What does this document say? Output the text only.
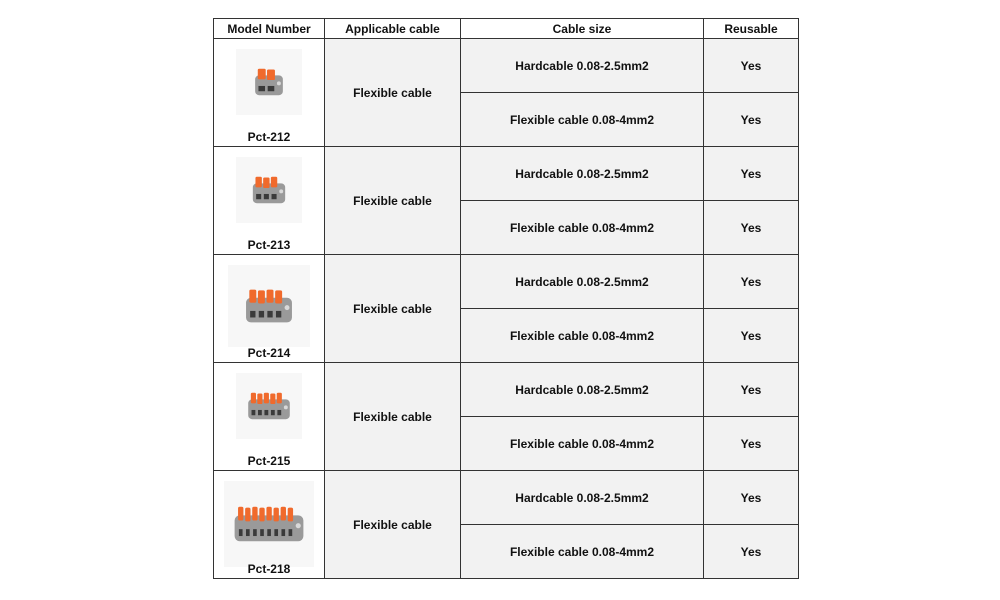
Model Number	Applicable cable	Cable size	Reusable

Pct-212	Flexible cable	Hardcable 0.08-2.5mm2	Yes
		Flexible cable 0.08-4mm2	Yes

Pct-213	Flexible cable	Hardcable 0.08-2.5mm2	Yes
		Flexible cable 0.08-4mm2	Yes

Pct-214	Flexible cable	Hardcable 0.08-2.5mm2	Yes
		Flexible cable 0.08-4mm2	Yes

Pct-215	Flexible cable	Hardcable 0.08-2.5mm2	Yes
		Flexible cable 0.08-4mm2	Yes

Pct-218	Flexible cable	Hardcable 0.08-2.5mm2	Yes
		Flexible cable 0.08-4mm2	Yes
